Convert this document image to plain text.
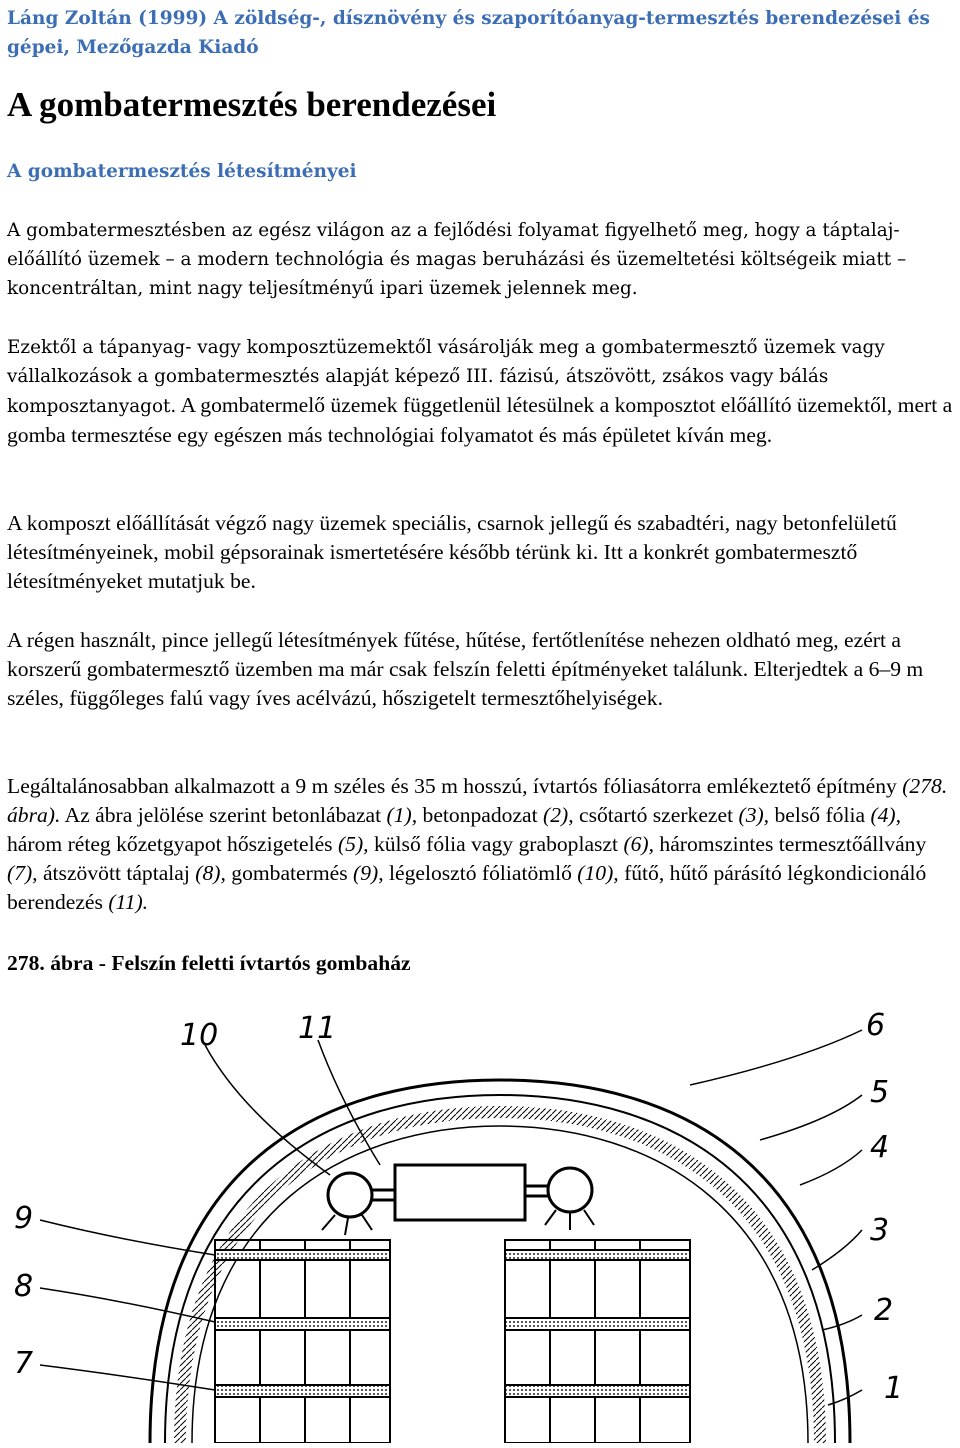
Láng Zoltán (1999) A zöldség-, dísznövény és szaporítóanyag-termesztés berendezései és
gépei, Mezőgazda Kiadó
A gombatermesztés berendezései
A gombatermesztés létesítményei

A gombatermesztésben az egész világon az a fejlődési folyamat figyelhető meg, hogy a táptalaj-előállító üzemek – a modern technológia és magas beruházási és üzemeltetési költségeik miatt – koncentráltan, mint nagy teljesítményű ipari üzemek jelennek meg.

Ezektől a tápanyag- vagy komposztüzemektől vásárolják meg a gombatermesztő üzemek vagy vállalkozások a gombatermesztés alapját képező III. fázisú, átszövött, zsákos vagy bálás komposztanyagot. A gombatermelő üzemek függetlenül létesülnek a komposztot előállító üzemektől, mert a gomba termesztése egy egészen más technológiai folyamatot és más épületet kíván meg.

A komposzt előállítását végző nagy üzemek speciális, csarnok jellegű és szabadtéri, nagy betonfelületű létesítményeinek, mobil gépsorainak ismertetésére később térünk ki. Itt a konkrét gombatermesztő létesítményeket mutatjuk be.

A régen használt, pince jellegű létesítmények fűtése, hűtése, fertőtlenítése nehezen oldható meg, ezért a korszerű gombatermesztő üzemben ma már csak felszín feletti építményeket találunk. Elterjedtek a 6–9 m széles, függőleges falú vagy íves acélvázú, hőszigetelt termesztőhelyiségek.

Legáltalánosabban alkalmazott a 9 m széles és 35 m hosszú, ívtartós fóliasátorra emlékeztető építmény (278. ábra). Az ábra jelölése szerint betonlábazat (1), betonpadozat (2), csőtartó szerkezet (3), belső fólia (4), három réteg kőzetgyapot hőszigetelés (5), külső fólia vagy graboplaszt (6), háromszintes termesztőállvány (7), átszövött táptalaj (8), gombatermés (9), légelosztó fóliatömlő (10), fűtő, hűtő párásító légkondicionáló berendezés (11).

278. ábra - Felszín feletti ívtartós gombaház
10	11	6
5
4
3
2
1
9
8
7
